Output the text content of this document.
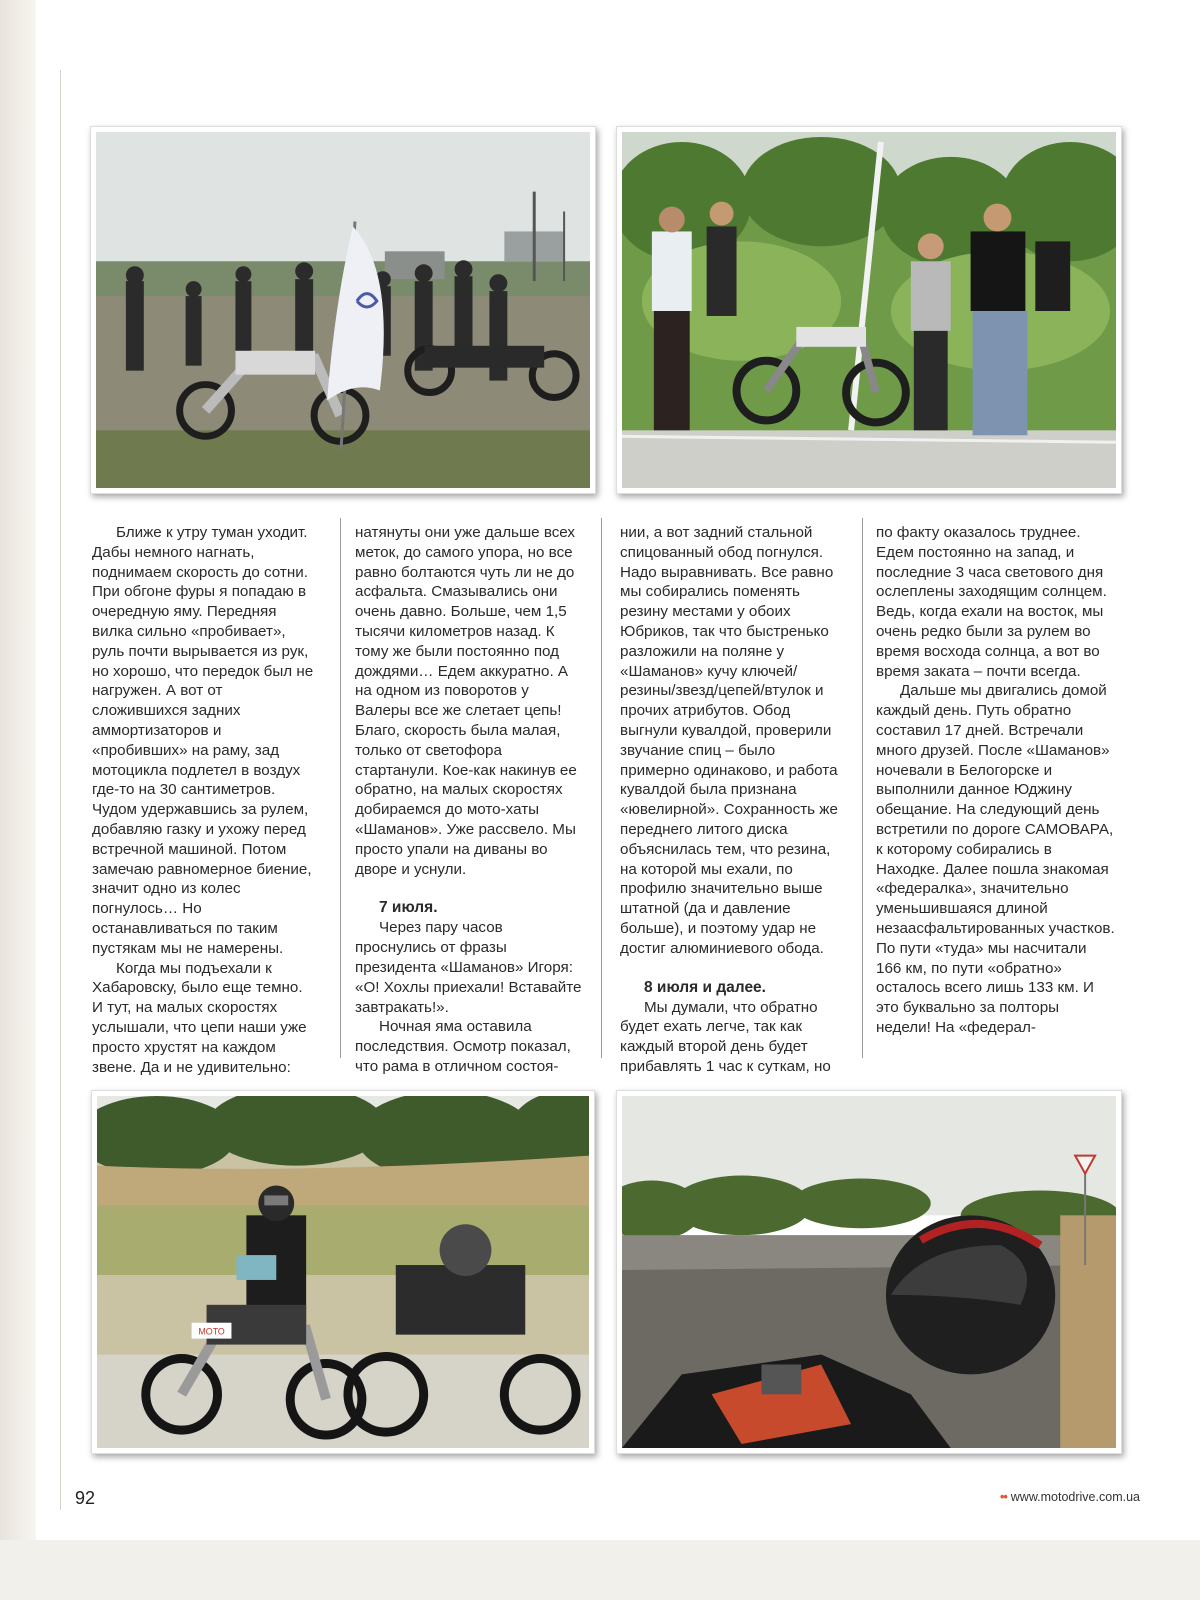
Ближе к утру туман уходит. Дабы немного нагнать, поднимаем скорость до сотни. При обгоне фуры я попадаю в очередную яму. Передняя вилка сильно «пробивает», руль почти вырывается из рук, но хорошо, что передок был не нагружен. А вот от сложившихся задних аммортизаторов и «пробивших» на раму, зад мотоцикла подлетел в воздух где-то на 30 сантиметров. Чудом удержавшись за рулем, добавляю газку и ухожу перед встречной машиной. Потом замечаю равномерное биение, значит одно из колес погнулось… Но останавливаться по таким пустякам мы не намерены.

Когда мы подъехали к Хабаровску, было еще темно. И тут, на малых скоростях услышали, что цепи наши уже просто хрустят на каждом звене. Да и не удивительно:

натянуты они уже дальше всех меток, до самого упора, но все равно болтаются чуть ли не до асфальта. Смазывались они очень давно. Больше, чем 1,5 тысячи километров назад. К тому же были постоянно под дождями… Едем аккуратно. А на одном из поворотов у Валеры все же слетает цепь! Благо, скорость была малая, только от светофора стартанули. Кое-как накинув ее обратно, на малых скоростях добираемся до мото-хаты «Шаманов». Уже рассвело. Мы просто упали на диваны во дворе и уснули.

7 июля.

Через пару часов проснулись от фразы президента «Шаманов» Игоря: «О! Хохлы приехали! Вставайте завтракать!».

Ночная яма оставила последствия. Осмотр показал, что рама в отличном состоя-

нии, а вот задний стальной спицованный обод погнулся. Надо выравнивать. Все равно мы собирались поменять резину местами у обоих Юбриков, так что быстренько разложили на поляне у «Шаманов» кучу ключей/резины/звезд/цепей/втулок и прочих атрибутов. Обод выгнули кувалдой, проверили звучание спиц – было примерно одинаково, и работа кувалдой была признана «ювелирной». Сохранность же переднего литого диска объяснилась тем, что резина, на которой мы ехали, по профилю значительно выше штатной (да и давление больше), и поэтому удар не достиг алюминиевого обода.

8 июля и далее.

Мы думали, что обратно будет ехать легче, так как каждый второй день будет прибавлять 1 час к суткам, но

по факту оказалось труднее. Едем постоянно на запад, и последние 3 часа светового дня ослеплены заходящим солнцем. Ведь, когда ехали на восток, мы очень редко были за рулем во время восхода солнца, а вот во время заката – почти всегда.

Дальше мы двигались домой каждый день. Путь обратно составил 17 дней. Встречали много друзей. После «Шаманов» ночевали в Белогорске и выполнили данное Юджину обещание. На следующий день встретили по дороге САМОВАРА, к которому собирались в Находке. Далее пошла знакомая «федералка», значительно уменьшившаяся длиной незаасфальтированных участков. По пути «туда» мы насчитали 166 км, по пути «обратно» осталось всего лишь 133 км. И это буквально за полторы недели! На «федерал-

МОТО
92	•• www.motodrive.com.ua
